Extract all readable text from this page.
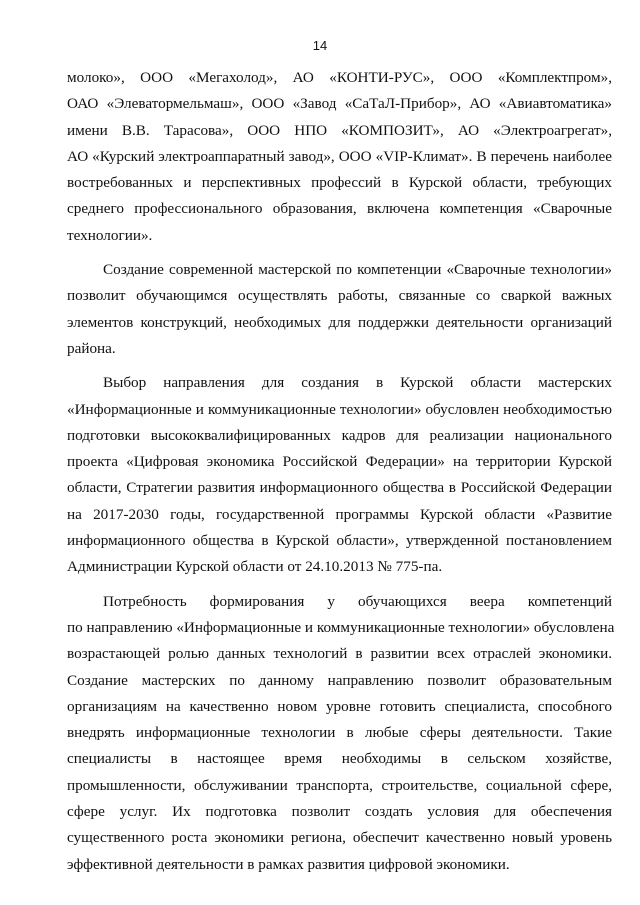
14

молоко», ООО «Мегахолод», АО «КОНТИ-РУС», ООО «Комплектпром»,
ОАО «Элеватормельмаш», ООО «Завод «СаТаЛ-Прибор», АО «Авиавтоматика»
имени В.В. Тарасова», ООО НПО «КОМПОЗИТ», АО «Электроагрегат»,
АО «Курский электроаппаратный завод», ООО «VIP-Климат». В перечень наиболее
востребованных и перспективных профессий в Курской области, требующих
среднего профессионального образования, включена компетенция «Сварочные
технологии».

Создание современной мастерской по компетенции «Сварочные технологии»
позволит обучающимся осуществлять работы, связанные со сваркой важных
элементов конструкций, необходимых для поддержки деятельности организаций
района.

Выбор направления для создания в Курской области мастерских
«Информационные и коммуникационные технологии» обусловлен необходимостью
подготовки высококвалифицированных кадров для реализации национального
проекта «Цифровая экономика Российской Федерации» на территории Курской
области, Стратегии развития информационного общества в Российской Федерации
на 2017-2030 годы, государственной программы Курской области «Развитие
информационного общества в Курской области», утвержденной постановлением
Администрации Курской области от 24.10.2013 № 775-па.

Потребность формирования у обучающихся веера компетенций
по направлению «Информационные и коммуникационные технологии» обусловлена
возрастающей ролью данных технологий в развитии всех отраслей экономики.
Создание мастерских по данному направлению позволит образовательным
организациям на качественно новом уровне готовить специалиста, способного
внедрять информационные технологии в любые сферы деятельности. Такие
специалисты в настоящее время необходимы в сельском хозяйстве,
промышленности, обслуживании транспорта, строительстве, социальной сфере,
сфере услуг. Их подготовка позволит создать условия для обеспечения
существенного роста экономики региона, обеспечит качественно новый уровень
эффективной деятельности в рамках развития цифровой экономики.
